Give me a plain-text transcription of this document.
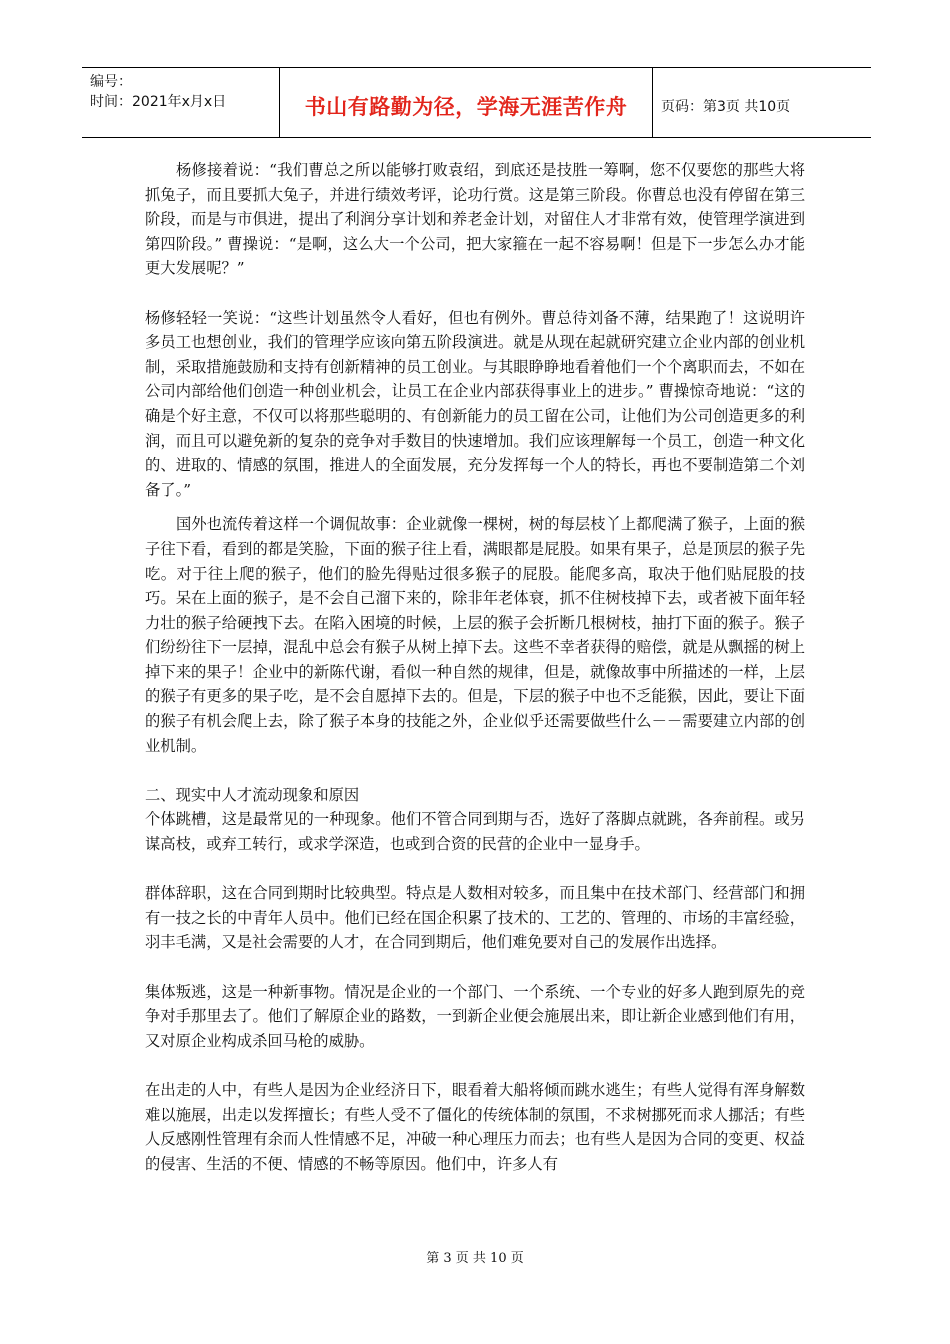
编号：
时间：2021年x月x日	书山有路勤为径，学海无涯苦作舟	页码：第3页 共10页

杨修接着说：“我们曹总之所以能够打败袁绍，到底还是技胜一筹啊，您不仅要您的那些大将抓兔子，而且要抓大兔子，并进行绩效考评，论功行赏。这是第三阶段。你曹总也没有停留在第三阶段，而是与市俱进，提出了利润分享计划和养老金计划，对留住人才非常有效，使管理学演进到第四阶段。” 曹操说：“是啊，这么大一个公司，把大家箍在一起不容易啊！但是下一步怎么办才能更大发展呢？”

杨修轻轻一笑说：“这些计划虽然令人看好，但也有例外。曹总待刘备不薄，结果跑了！这说明许多员工也想创业，我们的管理学应该向第五阶段演进。就是从现在起就研究建立企业内部的创业机制，采取措施鼓励和支持有创新精神的员工创业。与其眼睁睁地看着他们一个个离职而去，不如在公司内部给他们创造一种创业机会，让员工在企业内部获得事业上的进步。” 曹操惊奇地说：“这的确是个好主意，不仅可以将那些聪明的、有创新能力的员工留在公司，让他们为公司创造更多的利润，而且可以避免新的复杂的竞争对手数目的快速增加。我们应该理解每一个员工，创造一种文化的、进取的、情感的氛围，推进人的全面发展，充分发挥每一个人的特长，再也不要制造第二个刘备了。”

国外也流传着这样一个调侃故事：企业就像一棵树，树的每层枝丫上都爬满了猴子，上面的猴子往下看，看到的都是笑脸，下面的猴子往上看，满眼都是屁股。如果有果子，总是顶层的猴子先吃。对于往上爬的猴子，他们的脸先得贴过很多猴子的屁股。能爬多高，取决于他们贴屁股的技巧。呆在上面的猴子，是不会自己溜下来的，除非年老体衰，抓不住树枝掉下去，或者被下面年轻力壮的猴子给硬拽下去。在陷入困境的时候，上层的猴子会折断几根树枝，抽打下面的猴子。猴子们纷纷往下一层掉，混乱中总会有猴子从树上掉下去。这些不幸者获得的赔偿，就是从飘摇的树上掉下来的果子！企业中的新陈代谢，看似一种自然的规律，但是，就像故事中所描述的一样，上层的猴子有更多的果子吃，是不会自愿掉下去的。但是，下层的猴子中也不乏能猴，因此，要让下面的猴子有机会爬上去，除了猴子本身的技能之外，企业似乎还需要做些什么－－需要建立内部的创业机制。

二、现实中人才流动现象和原因

个体跳槽，这是最常见的一种现象。他们不管合同到期与否，选好了落脚点就跳，各奔前程。或另谋高枝，或弃工转行，或求学深造，也或到合资的民营的企业中一显身手。

群体辞职，这在合同到期时比较典型。特点是人数相对较多，而且集中在技术部门、经营部门和拥有一技之长的中青年人员中。他们已经在国企积累了技术的、工艺的、管理的、市场的丰富经验，羽丰毛满，又是社会需要的人才，在合同到期后，他们难免要对自己的发展作出选择。

集体叛逃，这是一种新事物。情况是企业的一个部门、一个系统、一个专业的好多人跑到原先的竞争对手那里去了。他们了解原企业的路数，一到新企业便会施展出来，即让新企业感到他们有用，又对原企业构成杀回马枪的威胁。

在出走的人中，有些人是因为企业经济日下，眼看着大船将倾而跳水逃生；有些人觉得有浑身解数难以施展，出走以发挥擅长；有些人受不了僵化的传统体制的氛围，不求树挪死而求人挪活；有些人反感刚性管理有余而人性情感不足，冲破一种心理压力而去；也有些人是因为合同的变更、权益的侵害、生活的不便、情感的不畅等原因。他们中，许多人有

第 3 页 共 10 页
